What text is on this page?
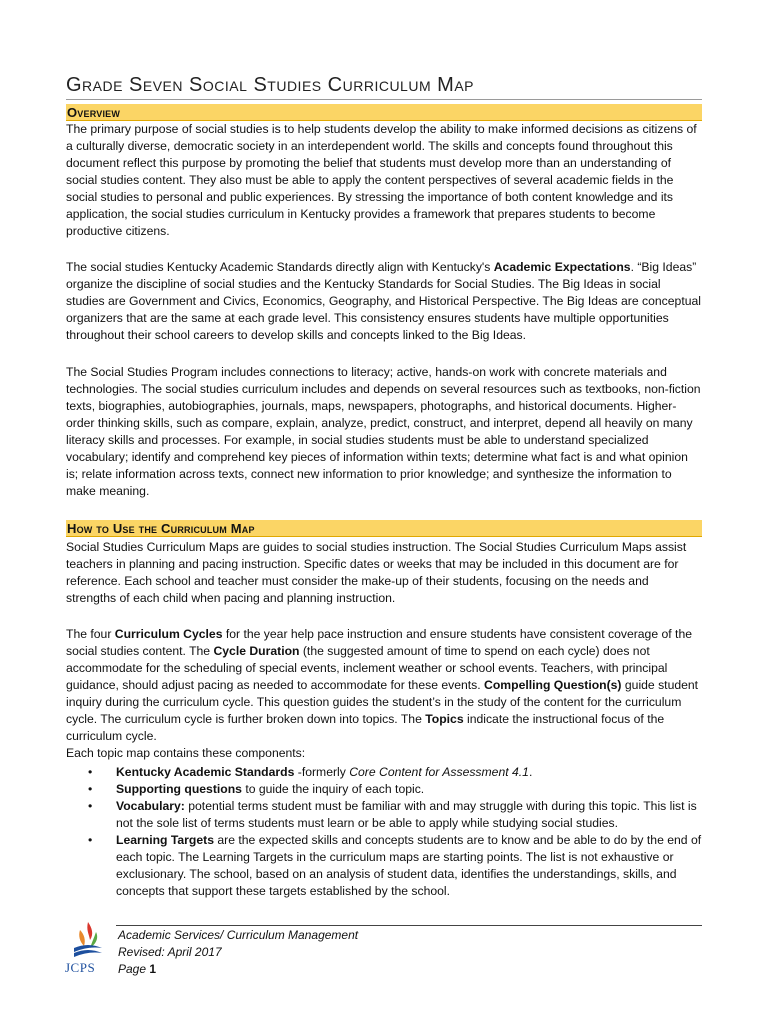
Grade Seven Social Studies Curriculum Map
Overview

The primary purpose of social studies is to help students develop the ability to make informed decisions as citizens of a culturally diverse, democratic society in an interdependent world. The skills and concepts found throughout this document reflect this purpose by promoting the belief that students must develop more than an understanding of social studies content. They also must be able to apply the content perspectives of several academic fields in the social studies to personal and public experiences. By stressing the importance of both content knowledge and its application, the social studies curriculum in Kentucky provides a framework that prepares students to become productive citizens.

The social studies Kentucky Academic Standards directly align with Kentucky's Academic Expectations. “Big Ideas” organize the discipline of social studies and the Kentucky Standards for Social Studies. The Big Ideas in social studies are Government and Civics, Economics, Geography, and Historical Perspective. The Big Ideas are conceptual organizers that are the same at each grade level. This consistency ensures students have multiple opportunities throughout their school careers to develop skills and concepts linked to the Big Ideas.

The Social Studies Program includes connections to literacy; active, hands-on work with concrete materials and technologies. The social studies curriculum includes and depends on several resources such as textbooks, non-fiction texts, biographies, autobiographies, journals, maps, newspapers, photographs, and historical documents. Higher-order thinking skills, such as compare, explain, analyze, predict, construct, and interpret, depend all heavily on many literacy skills and processes. For example, in social studies students must be able to understand specialized vocabulary; identify and comprehend key pieces of information within texts; determine what fact is and what opinion is; relate information across texts, connect new information to prior knowledge; and synthesize the information to make meaning.

How to Use the Curriculum Map

Social Studies Curriculum Maps are guides to social studies instruction. The Social Studies Curriculum Maps assist teachers in planning and pacing instruction. Specific dates or weeks that may be included in this document are for reference. Each school and teacher must consider the make-up of their students, focusing on the needs and strengths of each child when pacing and planning instruction.

The four Curriculum Cycles for the year help pace instruction and ensure students have consistent coverage of the social studies content. The Cycle Duration (the suggested amount of time to spend on each cycle) does not accommodate for the scheduling of special events, inclement weather or school events. Teachers, with principal guidance, should adjust pacing as needed to accommodate for these events. Compelling Question(s) guide student inquiry during the curriculum cycle. This question guides the student’s in the study of the content for the curriculum cycle. The curriculum cycle is further broken down into topics. The Topics indicate the instructional focus of the curriculum cycle.

Each topic map contains these components:

• Kentucky Academic Standards -formerly Core Content for Assessment 4.1.
• Supporting questions to guide the inquiry of each topic.
• Vocabulary: potential terms student must be familiar with and may struggle with during this topic. This list is not the sole list of terms students must learn or be able to apply while studying social studies.
• Learning Targets are the expected skills and concepts students are to know and be able to do by the end of each topic. The Learning Targets in the curriculum maps are starting points. The list is not exhaustive or exclusionary. The school, based on an analysis of student data, identifies the understandings, skills, and concepts that support these targets established by the school.
JCPS
Academic Services/ Curriculum Management
Revised: April 2017
Page 1
